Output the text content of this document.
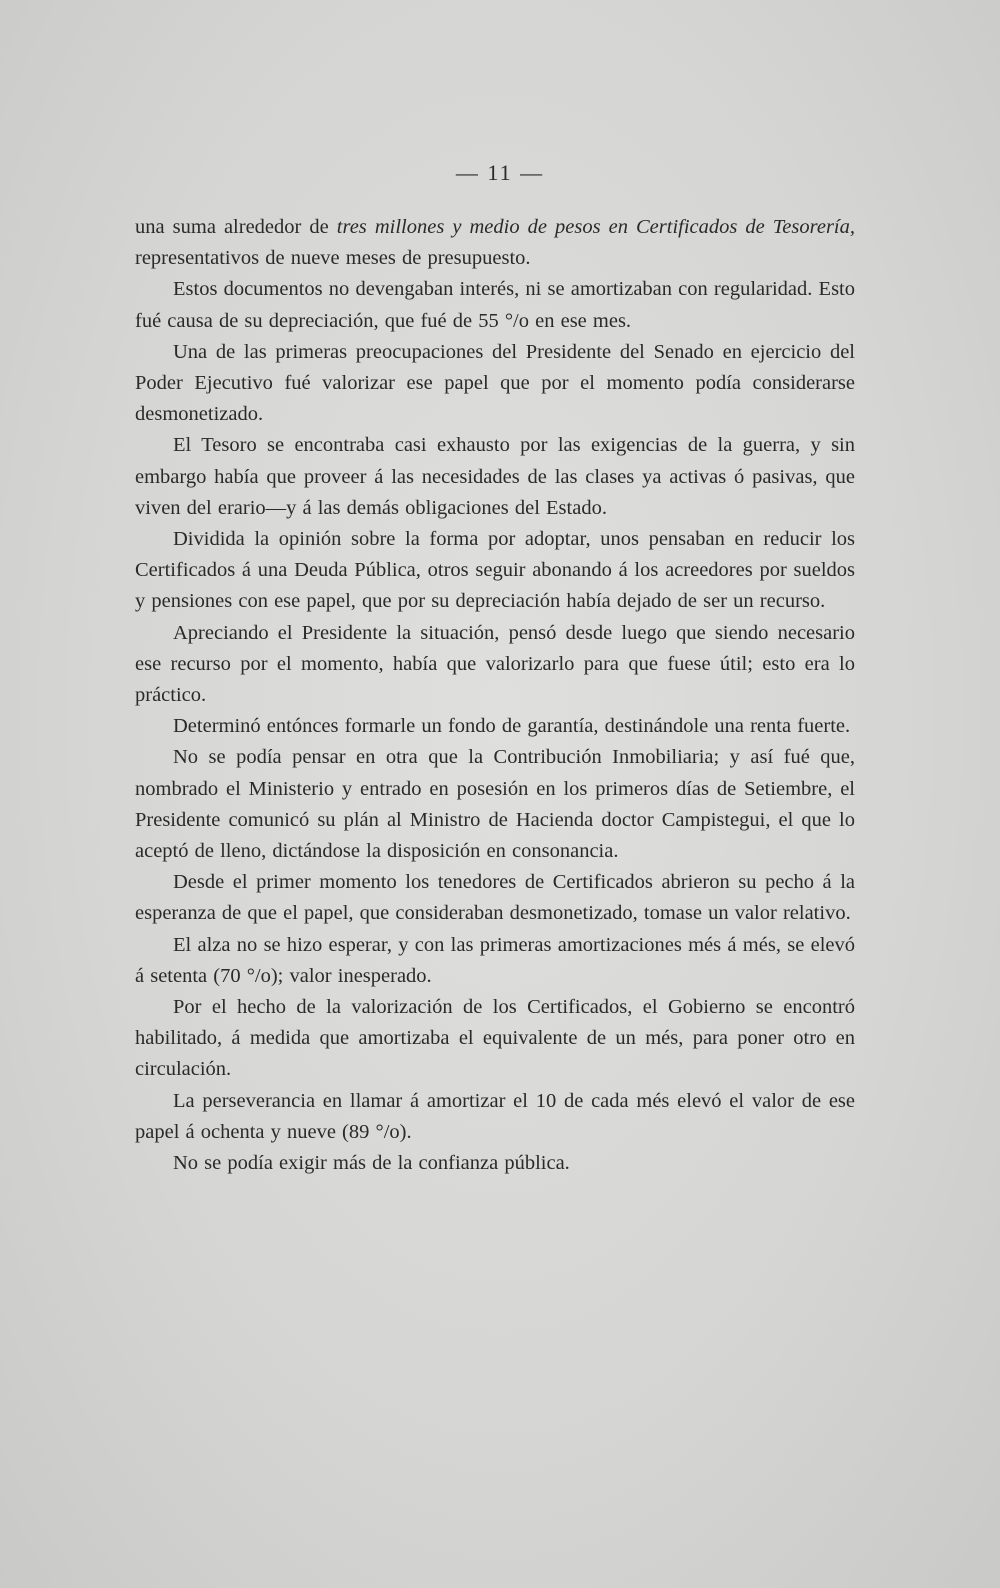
— 11 —

una suma alrededor de tres millones y medio de pesos en Certificados de Tesorería, representativos de nueve meses de presupuesto.

Estos documentos no devengaban interés, ni se amortizaban con regularidad. Esto fué causa de su depreciación, que fué de 55 °/o en ese mes.

Una de las primeras preocupaciones del Presidente del Senado en ejercicio del Poder Ejecutivo fué valorizar ese papel que por el momento podía considerarse desmonetizado.

El Tesoro se encontraba casi exhausto por las exigencias de la guerra, y sin embargo había que proveer á las necesidades de las clases ya activas ó pasivas, que viven del erario—y á las demás obligaciones del Estado.

Dividida la opinión sobre la forma por adoptar, unos pensaban en reducir los Certificados á una Deuda Pública, otros seguir abonando á los acreedores por sueldos y pensiones con ese papel, que por su depreciación había dejado de ser un recurso.

Apreciando el Presidente la situación, pensó desde luego que siendo necesario ese recurso por el momento, había que valorizarlo para que fuese útil; esto era lo práctico.

Determinó entónces formarle un fondo de garantía, destinándole una renta fuerte.

No se podía pensar en otra que la Contribución Inmobiliaria; y así fué que, nombrado el Ministerio y entrado en posesión en los primeros días de Setiembre, el Presidente comunicó su plán al Ministro de Hacienda doctor Campistegui, el que lo aceptó de lleno, dictándose la disposición en consonancia.

Desde el primer momento los tenedores de Certificados abrieron su pecho á la esperanza de que el papel, que consideraban desmonetizado, tomase un valor relativo.

El alza no se hizo esperar, y con las primeras amortizaciones més á més, se elevó á setenta (70 °/o); valor inesperado.

Por el hecho de la valorización de los Certificados, el Gobierno se encontró habilitado, á medida que amortizaba el equivalente de un més, para poner otro en circulación.

La perseverancia en llamar á amortizar el 10 de cada més elevó el valor de ese papel á ochenta y nueve (89 °/o).

No se podía exigir más de la confianza pública.
